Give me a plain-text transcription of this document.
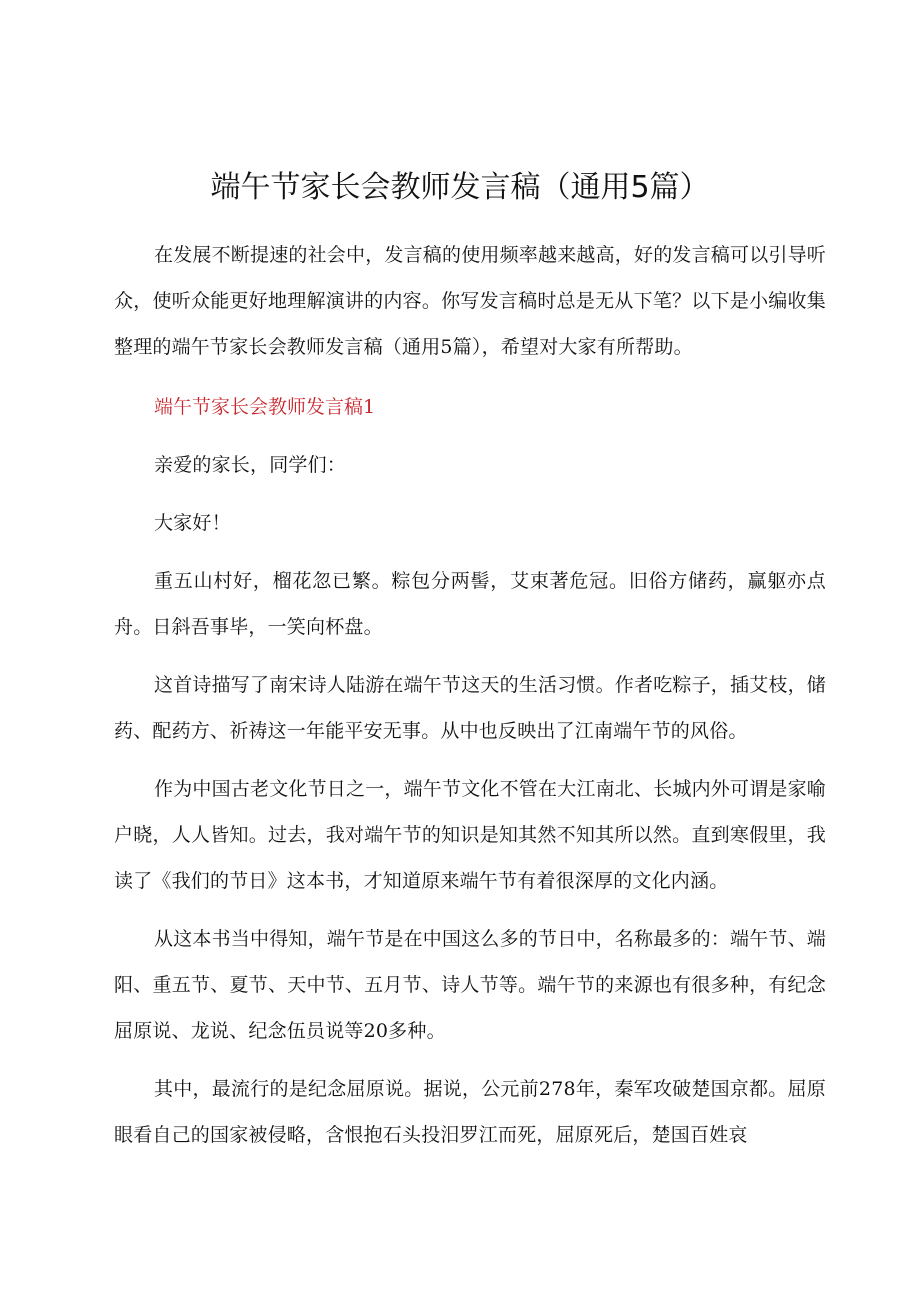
端午节家长会教师发言稿（通用5篇）

在发展不断提速的社会中，发言稿的使用频率越来越高，好的发言稿可以引导听众，使听众能更好地理解演讲的内容。你写发言稿时总是无从下笔？以下是小编收集整理的端午节家长会教师发言稿（通用5篇），希望对大家有所帮助。

端午节家长会教师发言稿1

亲爱的家长，同学们：

大家好！

重五山村好，榴花忽已繁。粽包分两髻，艾束著危冠。旧俗方储药，赢躯亦点舟。日斜吾事毕，一笑向杯盘。

这首诗描写了南宋诗人陆游在端午节这天的生活习惯。作者吃粽子，插艾枝，储药、配药方、祈祷这一年能平安无事。从中也反映出了江南端午节的风俗。

作为中国古老文化节日之一，端午节文化不管在大江南北、长城内外可谓是家喻户晓，人人皆知。过去，我对端午节的知识是知其然不知其所以然。直到寒假里，我读了《我们的节日》这本书，才知道原来端午节有着很深厚的文化内涵。

从这本书当中得知，端午节是在中国这么多的节日中，名称最多的：端午节、端阳、重五节、夏节、天中节、五月节、诗人节等。端午节的来源也有很多种，有纪念屈原说、龙说、纪念伍员说等20多种。

其中，最流行的是纪念屈原说。据说，公元前278年，秦军攻破楚国京都。屈原眼看自己的国家被侵略，含恨抱石头投汨罗江而死，屈原死后，楚国百姓哀
